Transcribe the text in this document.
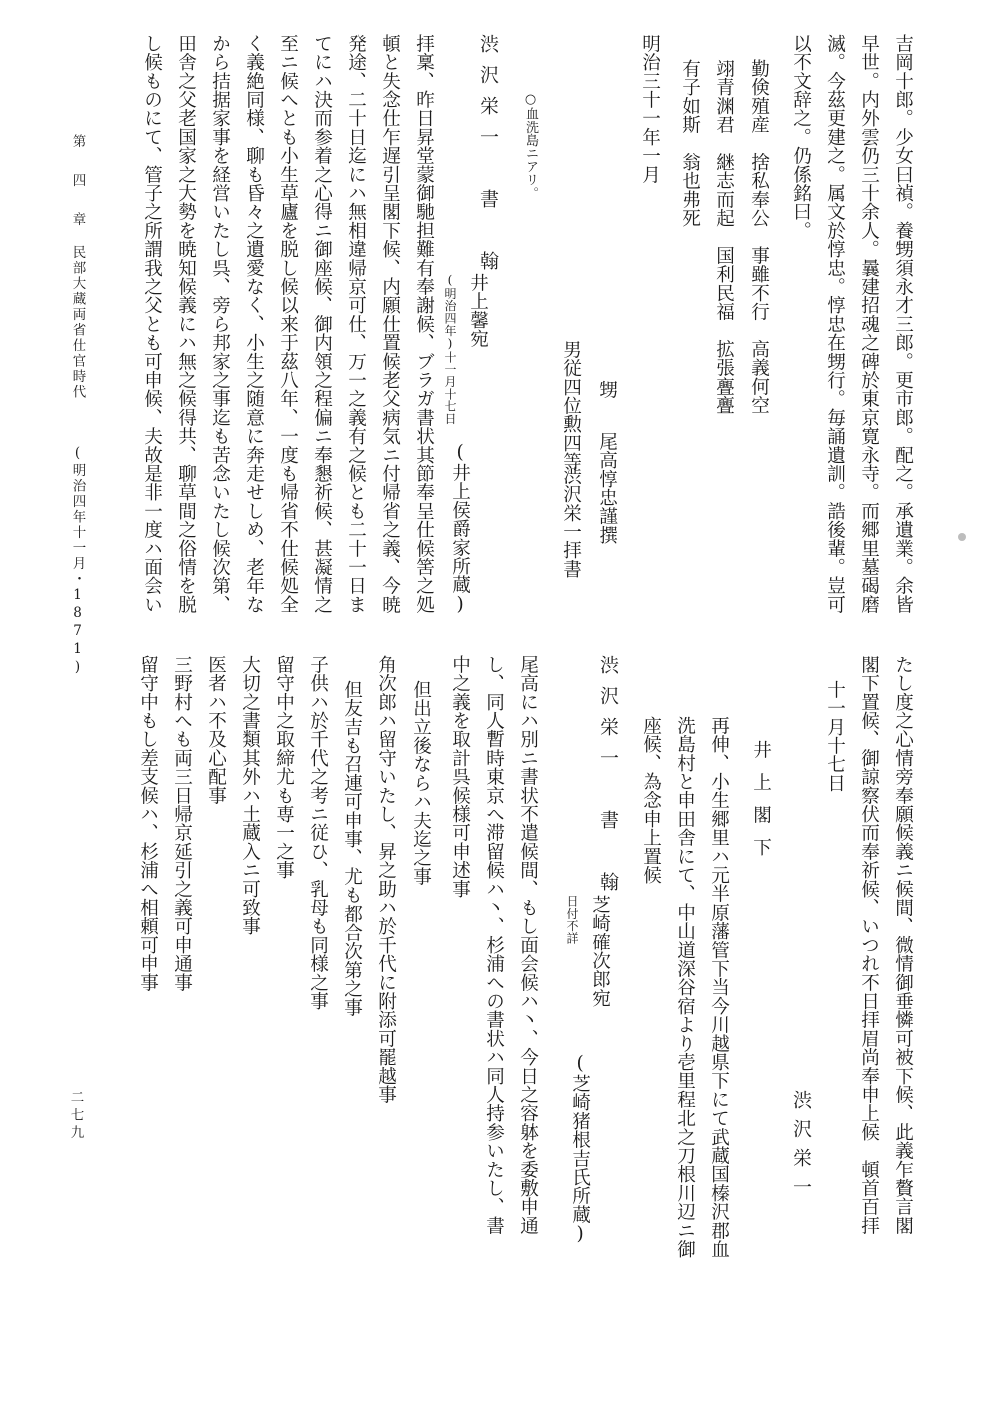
吉岡十郎。少女曰禎。養甥須永才三郎。更市郎。配之。承遺業。余皆

早世。内外雲仍三十余人。曩建招魂之碑於東京寛永寺。而郷里墓碣磨

滅。今茲更建之。属文於惇忠。惇忠在甥行。毎誦遺訓。誥後輩。豈可

以不文辞之。仍係銘曰。

勤倹殖産　捨私奉公　事雖不行　高義何空

翊青渊君　継志而起　国利民福　拡張亹亹

有子如斯　翁也弗死

明治三十一年一月

甥

尾高惇忠謹撰

男従四位勲四等

渋沢栄一拝書

○血洗島ニアリ。

渋沢栄一　書　翰

井上馨宛

(明治四年)十一月十七日

(井上侯爵家所蔵)

拝稟、昨日昇堂蒙御馳担難有奉謝候、ブラガ書状其節奉呈仕候筈之処

頓と失念仕乍遅引呈閣下候、内願仕置候老父病気ニ付帰省之義、今暁

発途、二十日迄にハ無相違帰京可仕、万一之義有之候とも二十一日ま

てにハ決而参着之心得ニ御座候、御内領之程偏ニ奉懇祈候、甚凝情之

至ニ候へとも小生草廬を脱し候以来于茲八年、一度も帰省不仕候処全

く義絶同様、聊も昏々之遺愛なく、小生之随意に奔走せしめ、老年な

から拮据家事を経営いたし呉、旁ら邦家之事迄も苦念いたし候次第、

田舎之父老国家之大勢を暁知候義にハ無之候得共、聊草間之俗情を脱

し候ものにて、管子之所謂我之父とも可申候、夫故是非一度ハ面会い

たし度之心情旁奉願候義ニ候間、微情御垂憐可被下候、此義乍贅言閣

閣下置候、御諒察伏而奉祈候、いつれ不日拝眉尚奉申上候　頓首百拝

十一月十七日

渋沢栄一

井上閣下

再伸、小生郷里ハ元半原藩管下当今川越県下にて武蔵国榛沢郡血

洗島村と申田舎にて、中山道深谷宿より壱里程北之刀根川辺ニ御

座候、為念申上置候

渋沢栄一　書　翰

芝崎確次郎宛

日付不詳

(芝崎猪根吉氏所蔵)

尾高にハ別ニ書状不遣候間、もし面会候ハ丶、今日之容躰を委敷申通

し、同人暫時東京へ滞留候ハ丶、杉浦への書状ハ同人持参いたし、書

中之義を取計呉候様可申述事

但出立後ならハ夫迄之事

角次郎ハ留守いたし、昇之助ハ於千代に附添可罷越事

但友吉も召連可申事、尤も都合次第之事

子供ハ於千代之考ニ従ひ、乳母も同様之事

留守中之取締尤も専一之事

大切之書類其外ハ土蔵入ニ可致事

医者ハ不及心配事

三野村へも両三日帰京延引之義可申通事

留守中もし差支候ハ、杉浦へ相頼可申事

第　四　章

民部大蔵両省仕官時代

(明治四年十一月・1871)

二七九
